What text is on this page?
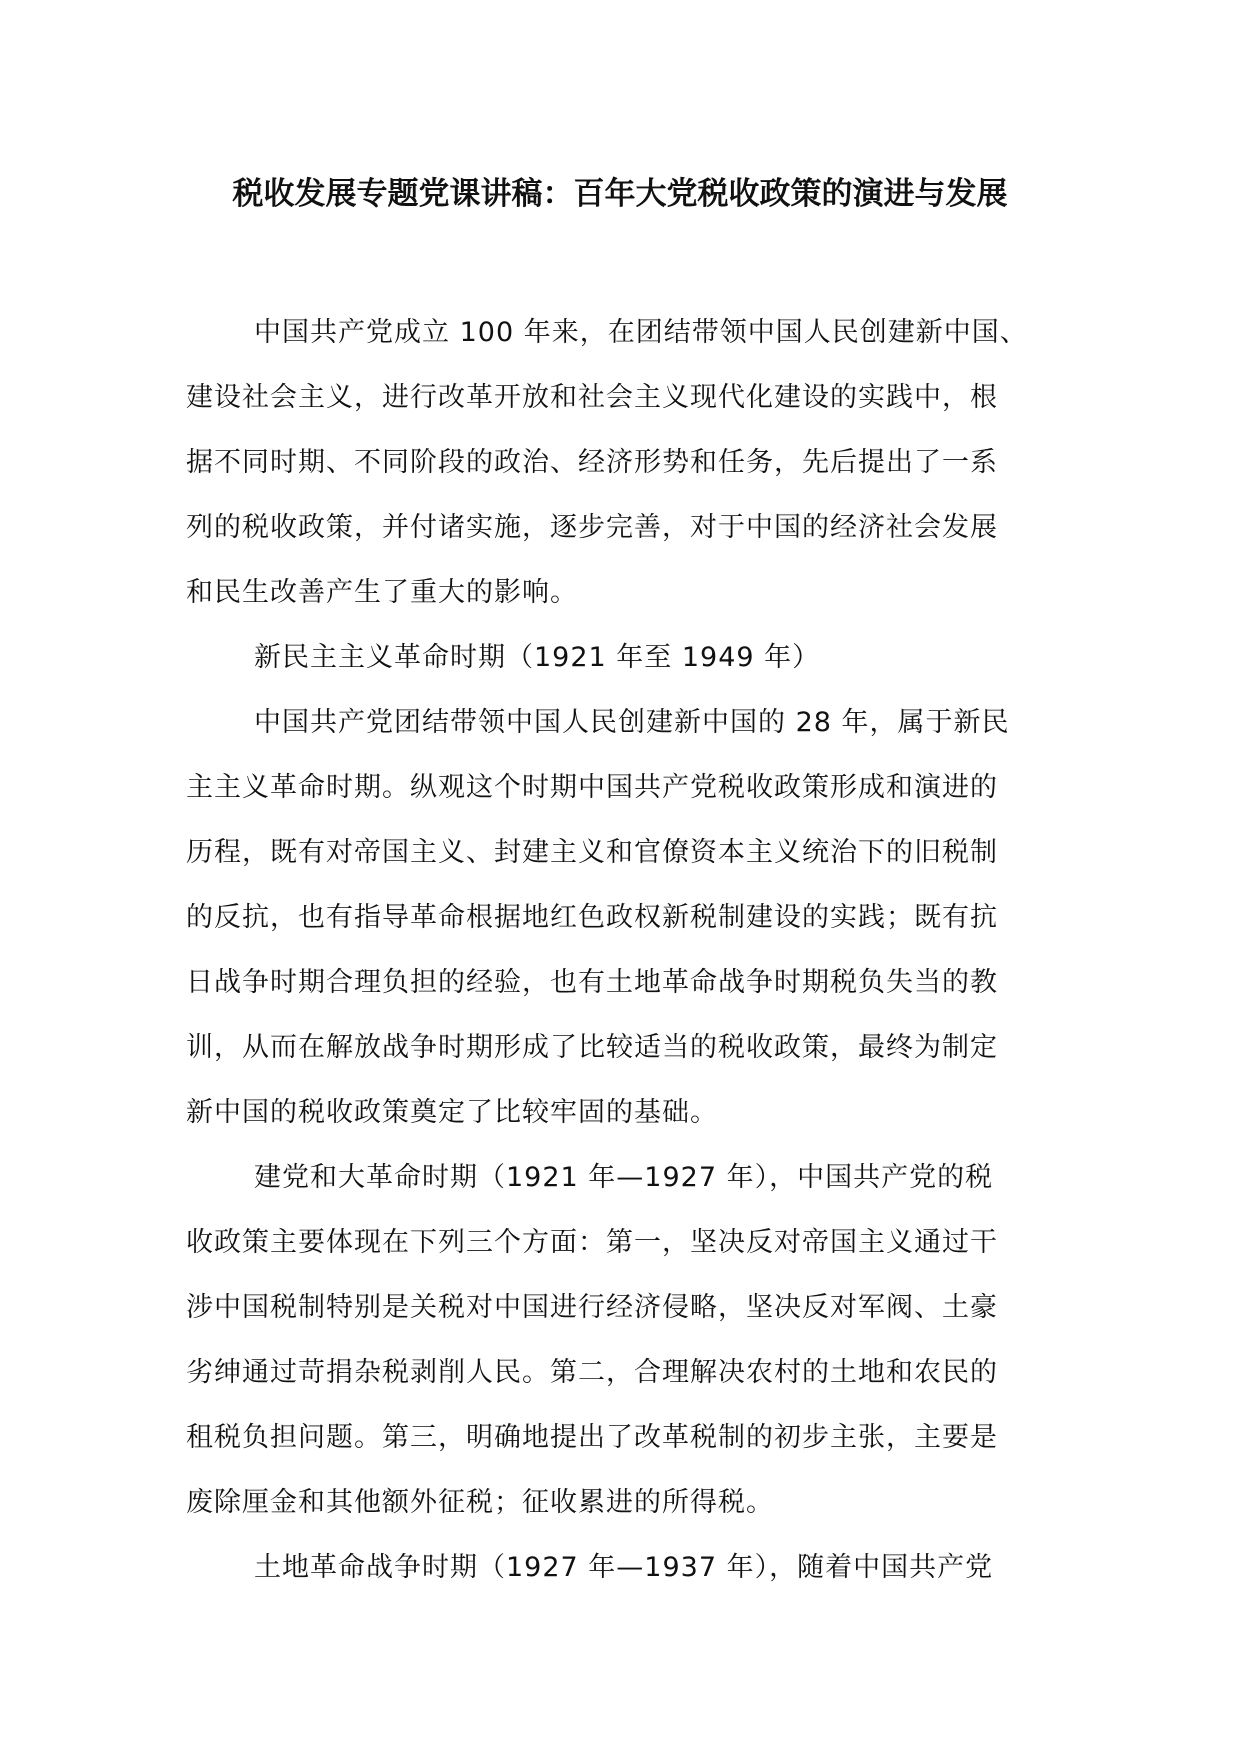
税收发展专题党课讲稿：百年大党税收政策的演进与发展
中国共产党成立 100 年来，在团结带领中国人民创建新中国、
建设社会主义，进行改革开放和社会主义现代化建设的实践中，根
据不同时期、不同阶段的政治、经济形势和任务，先后提出了一系
列的税收政策，并付诸实施，逐步完善，对于中国的经济社会发展
和民生改善产生了重大的影响。
新民主主义革命时期（1921 年至 1949 年）
中国共产党团结带领中国人民创建新中国的 28 年，属于新民
主主义革命时期。纵观这个时期中国共产党税收政策形成和演进的
历程，既有对帝国主义、封建主义和官僚资本主义统治下的旧税制
的反抗，也有指导革命根据地红色政权新税制建设的实践；既有抗
日战争时期合理负担的经验，也有土地革命战争时期税负失当的教
训，从而在解放战争时期形成了比较适当的税收政策，最终为制定
新中国的税收政策奠定了比较牢固的基础。
建党和大革命时期（1921 年—1927 年），中国共产党的税
收政策主要体现在下列三个方面：第一，坚决反对帝国主义通过干
涉中国税制特别是关税对中国进行经济侵略，坚决反对军阀、土豪
劣绅通过苛捐杂税剥削人民。第二，合理解决农村的土地和农民的
租税负担问题。第三，明确地提出了改革税制的初步主张，主要是
废除厘金和其他额外征税；征收累进的所得税。
土地革命战争时期（1927 年—1937 年），随着中国共产党
